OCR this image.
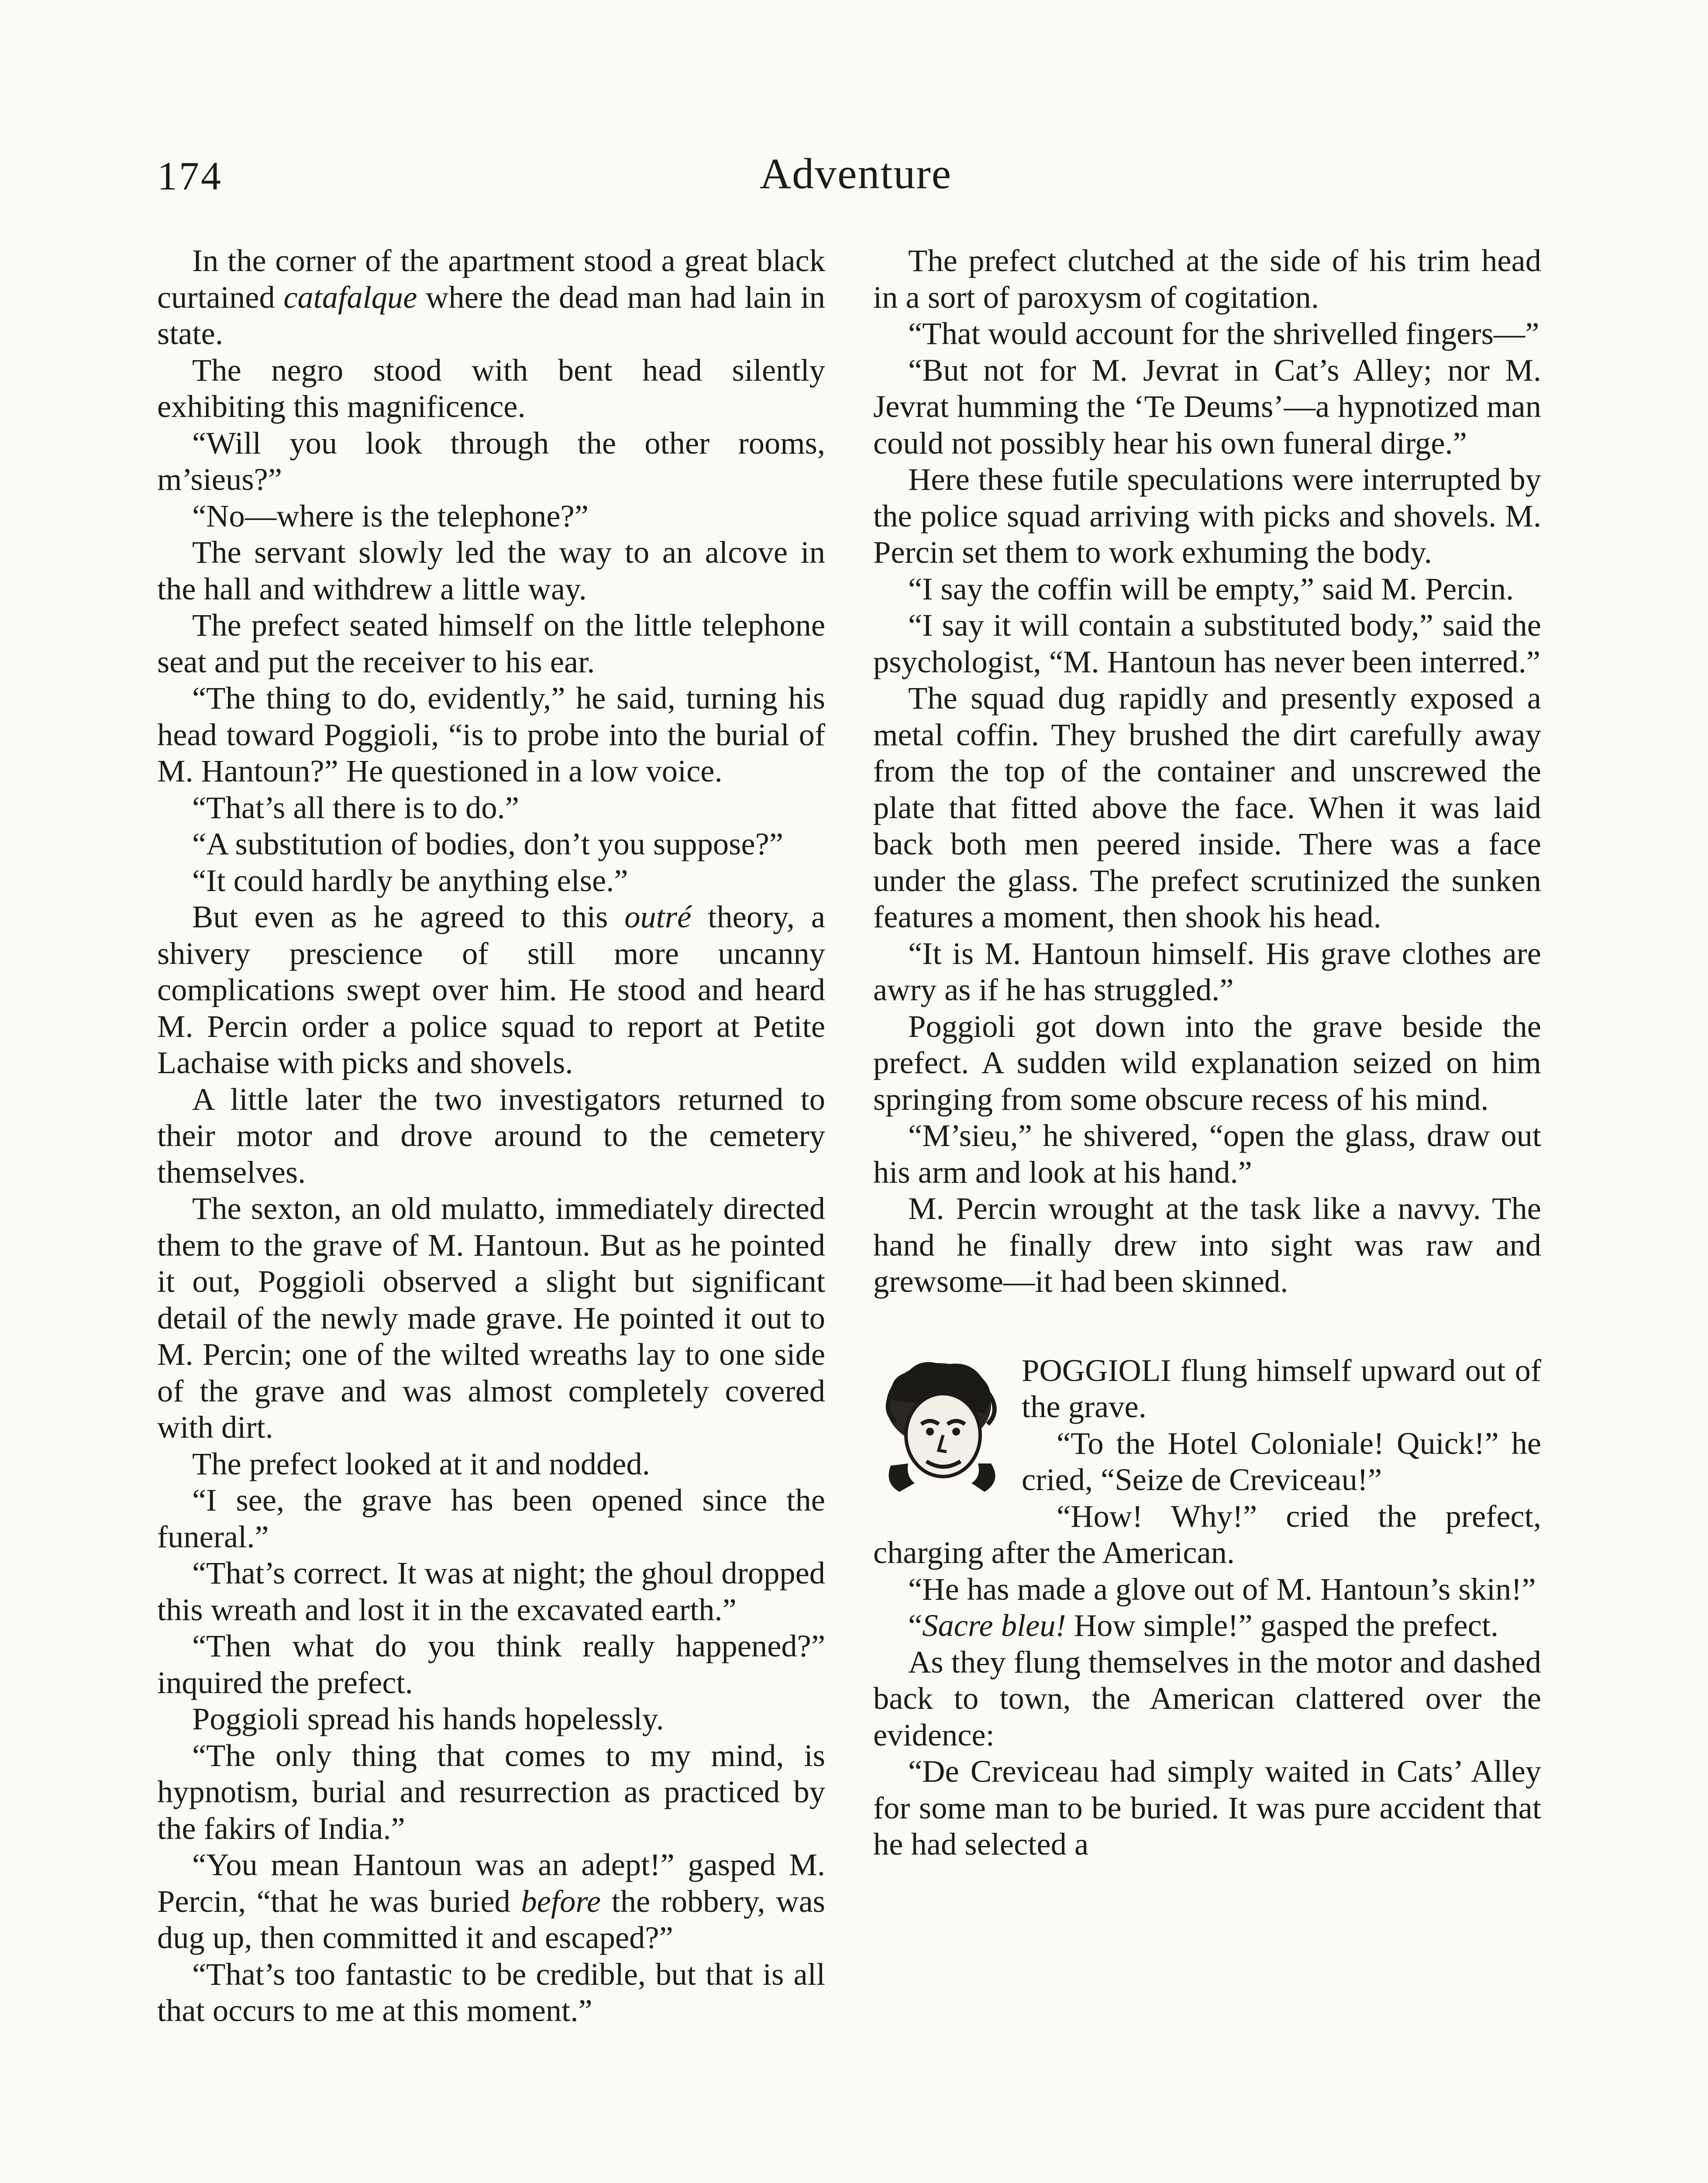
174	Adventure

In the corner of the apartment stood a great black curtained catafalque where the dead man had lain in state.

The negro stood with bent head silently exhibiting this magnificence.

“Will you look through the other rooms, m’sieus?”

“No—where is the telephone?”

The servant slowly led the way to an alcove in the hall and withdrew a little way.

The prefect seated himself on the little telephone seat and put the receiver to his ear.

“The thing to do, evidently,” he said, turning his head toward Poggioli, “is to probe into the burial of M. Hantoun?” He questioned in a low voice.

“That’s all there is to do.”

“A substitution of bodies, don’t you suppose?”

“It could hardly be anything else.”

But even as he agreed to this outré theory, a shivery prescience of still more uncanny complications swept over him. He stood and heard M. Percin order a police squad to report at Petite Lachaise with picks and shovels.

A little later the two investigators returned to their motor and drove around to the cemetery themselves.

The sexton, an old mulatto, immediately directed them to the grave of M. Hantoun. But as he pointed it out, Poggioli observed a slight but significant detail of the newly made grave. He pointed it out to M. Percin; one of the wilted wreaths lay to one side of the grave and was almost completely covered with dirt.

The prefect looked at it and nodded.

“I see, the grave has been opened since the funeral.”

“That’s correct. It was at night; the ghoul dropped this wreath and lost it in the excavated earth.”

“Then what do you think really happened?” inquired the prefect.

Poggioli spread his hands hopelessly.

“The only thing that comes to my mind, is hypnotism, burial and resurrection as practiced by the fakirs of India.”

“You mean Hantoun was an adept!” gasped M. Percin, “that he was buried before the robbery, was dug up, then committed it and escaped?”

“That’s too fantastic to be credible, but that is all that occurs to me at this moment.”

The prefect clutched at the side of his trim head in a sort of paroxysm of cogitation.

“That would account for the shrivelled fingers—”

“But not for M. Jevrat in Cat’s Alley; nor M. Jevrat humming the ‘Te Deums’—a hypnotized man could not possibly hear his own funeral dirge.”

Here these futile speculations were interrupted by the police squad arriving with picks and shovels. M. Percin set them to work exhuming the body.

“I say the coffin will be empty,” said M. Percin.

“I say it will contain a substituted body,” said the psychologist, “M. Hantoun has never been interred.”

The squad dug rapidly and presently exposed a metal coffin. They brushed the dirt carefully away from the top of the container and unscrewed the plate that fitted above the face. When it was laid back both men peered inside. There was a face under the glass. The prefect scrutinized the sunken features a moment, then shook his head.

“It is M. Hantoun himself. His grave clothes are awry as if he has struggled.”

Poggioli got down into the grave beside the prefect. A sudden wild explanation seized on him springing from some obscure recess of his mind.

“M’sieu,” he shivered, “open the glass, draw out his arm and look at his hand.”

M. Percin wrought at the task like a navvy. The hand he finally drew into sight was raw and grewsome—it had been skinned.

POGGIOLI flung himself upward out of the grave.

“To the Hotel Coloniale! Quick!” he cried, “Seize de Creviceau!”

“How! Why!” cried the prefect, charging after the American.

“He has made a glove out of M. Hantoun’s skin!”

“Sacre bleu! How simple!” gasped the prefect.

As they flung themselves in the motor and dashed back to town, the American clattered over the evidence:

“De Creviceau had simply waited in Cats’ Alley for some man to be buried. It was pure accident that he had selected a
